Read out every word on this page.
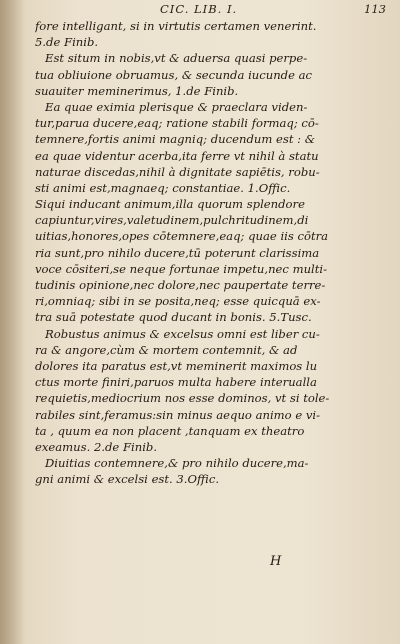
CIC. LIB. I.	113
fore intelligant, si in virtutis certamen venerint.
5.de Finib.
Est situm in nobis,vt & aduersa quasi perpe-
tua obliuione obruamus, & secunda iucunde ac
suauiter meminerimus, 1.de Finib.
Ea quae eximia plerisque & praeclara viden-
tur,parua ducere,eaq; ratione stabili formaq; cō-
temnere,fortis animi magniq; ducendum est : &
ea quae videntur acerba,ita ferre vt nihil à statu
naturae discedas,nihil à dignitate sapiētis, robu-
sti animi est,magnaeq; constantiae. 1.Offic.
Siqui inducant animum,illa quorum splendore
capiuntur,vires,valetudinem,pulchritudinem,di
uitias,honores,opes cōtemnere,eaq; quae iis cōtra
ria sunt,pro nihilo ducere,tū poterunt clarissima
voce cōsiteri,se neque fortunae impetu,nec multi-
tudinis opinione,nec dolore,nec paupertate terre-
ri,omniaq; sibi in se posita,neq; esse quicquā ex-
tra suā potestate quod ducant in bonis. 5.Tusc.
Robustus animus & excelsus omni est liber cu-
ra & angore,cùm & mortem contemnit, & ad
dolores ita paratus est,vt meminerit maximos lu
ctus morte finiri,paruos multa habere interualla
requietis,mediocrium nos esse dominos, vt si tole-
rabiles sint,feramus:sin minus aequo animo e vi-
ta , quum ea non placent ,tanquam ex theatro
exeamus. 2.de Finib.
Diuitias contemnere,& pro nihilo ducere,ma-
gni animi & excelsi est. 3.Offic.
H
